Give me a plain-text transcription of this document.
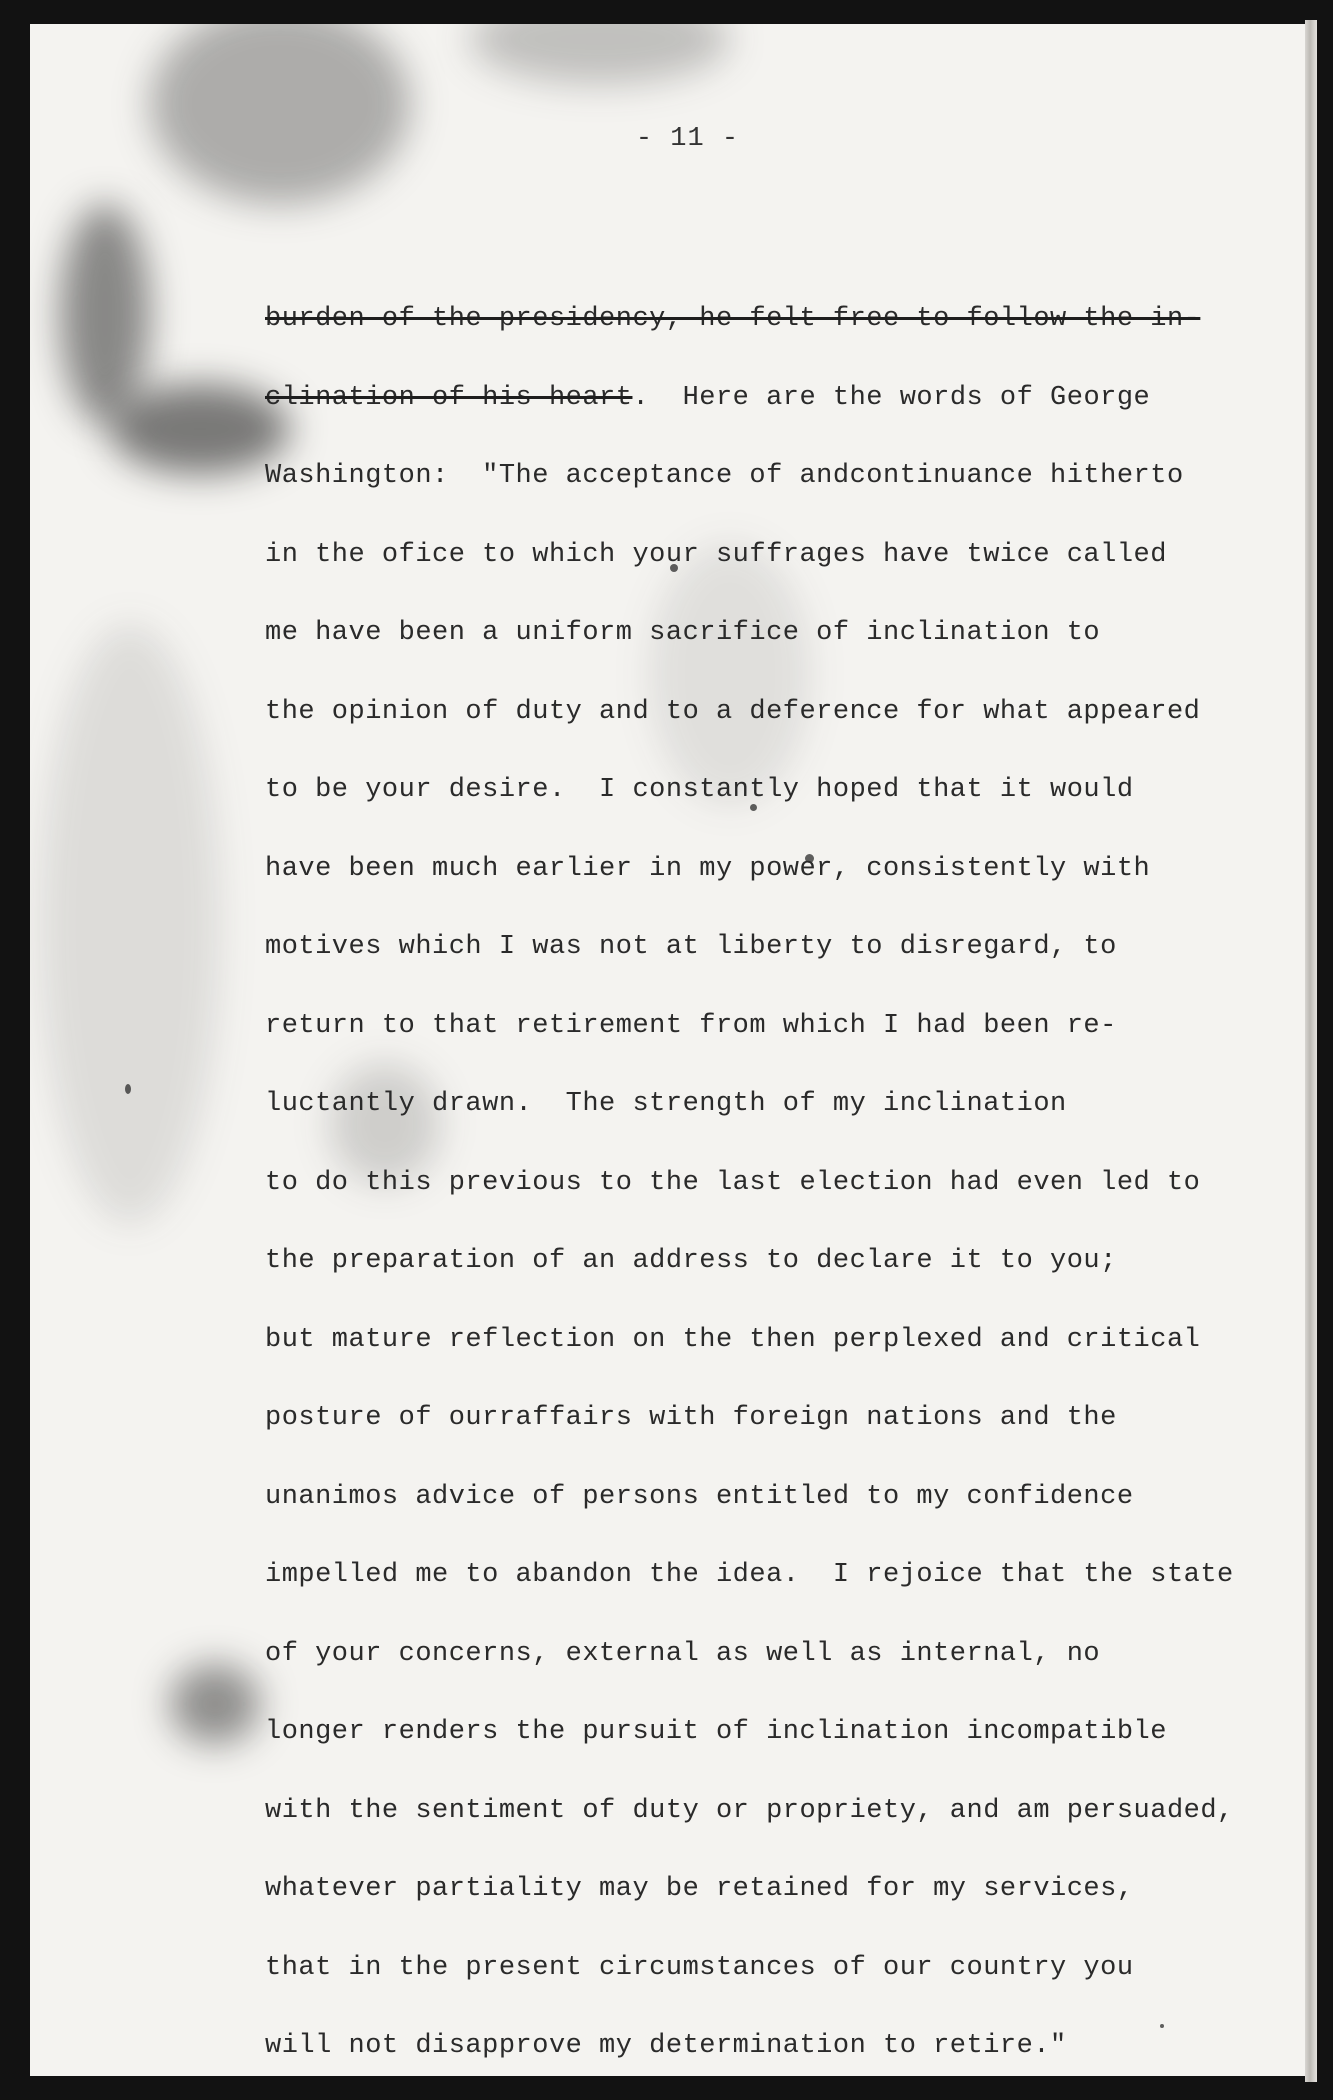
- 11 -
burden of the presidency, he felt free to follow the in-
clination of his heart.  Here are the words of George
Washington:  "The acceptance of andcontinuance hitherto
in the ofice to which your suffrages have twice called
me have been a uniform sacrifice of inclination to
the opinion of duty and to a deference for what appeared
to be your desire.  I constantly hoped that it would
have been much earlier in my power, consistently with
motives which I was not at liberty to disregard, to
return to that retirement from which I had been re-
luctantly drawn.  The strength of my inclination
to do this previous to the last election had even led to
the preparation of an address to declare it to you;
but mature reflection on the then perplexed and critical
posture of ourraffairs with foreign nations and the
unanimos advice of persons entitled to my confidence
impelled me to abandon the idea.  I rejoice that the state
of your concerns, external as well as internal, no
longer renders the pursuit of inclination incompatible
with the sentiment of duty or propriety, and am persuaded,
whatever partiality may be retained for my services,
that in the present circumstances of our country you
will not disapprove my determination to retire."
